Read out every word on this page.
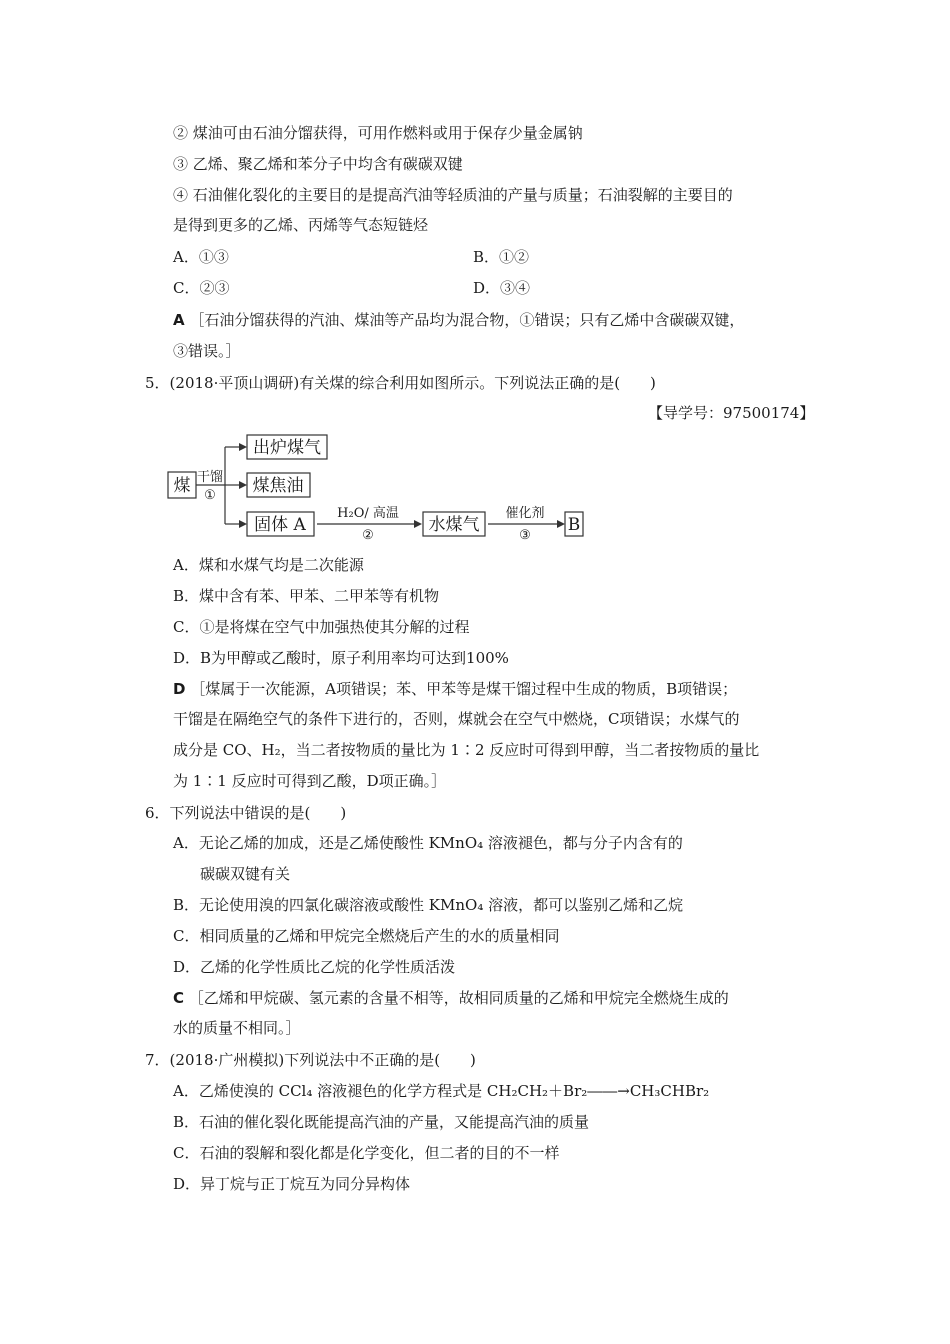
② 煤油可由石油分馏获得，可用作燃料或用于保存少量金属钠
③ 乙烯、聚乙烯和苯分子中均含有碳碳双键
④ 石油催化裂化的主要目的是提高汽油等轻质油的产量与质量；石油裂解的主要目的
是得到更多的乙烯、丙烯等气态短链烃
A．①③	B．①②
C．②③	D．③④
A ［石油分馏获得的汽油、煤油等产品均为混合物，①错误；只有乙烯中含碳碳双键，
③错误。］
5．(2018·平顶山调研)有关煤的综合利用如图所示。下列说法正确的是(　　)
【导学号：97500174】
煤 干馏
①
出炉煤气
煤焦油
固体 A
H₂O/ 高温
②
水煤气
催化剂
③
B
A．煤和水煤气均是二次能源
B．煤中含有苯、甲苯、二甲苯等有机物
C．①是将煤在空气中加强热使其分解的过程
D．B为甲醇或乙酸时，原子利用率均可达到100%
D ［煤属于一次能源，A项错误；苯、甲苯等是煤干馏过程中生成的物质，B项错误；
干馏是在隔绝空气的条件下进行的，否则，煤就会在空气中燃烧，C项错误；水煤气的
成分是 CO、H₂，当二者按物质的量比为 1∶2 反应时可得到甲醇，当二者按物质的量比
为 1∶1 反应时可得到乙酸，D项正确。］
6．下列说法中错误的是(　　)
A．无论乙烯的加成，还是乙烯使酸性 KMnO₄ 溶液褪色，都与分子内含有的
碳碳双键有关
B．无论使用溴的四氯化碳溶液或酸性 KMnO₄ 溶液，都可以鉴别乙烯和乙烷
C．相同质量的乙烯和甲烷完全燃烧后产生的水的质量相同
D．乙烯的化学性质比乙烷的化学性质活泼
C ［乙烯和甲烷碳、氢元素的含量不相等，故相同质量的乙烯和甲烷完全燃烧生成的
水的质量不相同。］
7．(2018·广州模拟)下列说法中不正确的是(　　)
A．乙烯使溴的 CCl₄ 溶液褪色的化学方程式是 CH₂CH₂＋Br₂――→CH₃CHBr₂
B．石油的催化裂化既能提高汽油的产量，又能提高汽油的质量
C．石油的裂解和裂化都是化学变化，但二者的目的不一样
D．异丁烷与正丁烷互为同分异构体
